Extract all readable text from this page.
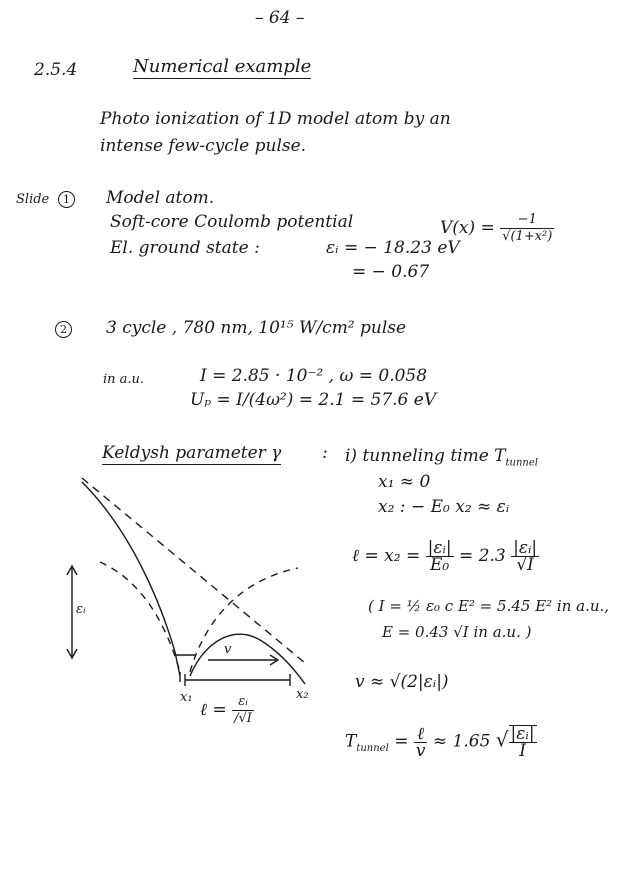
– 64 –
2.5.4	Numerical example
Photo ionization of 1D model atom by an
intense few-cycle pulse.
Slide	1 Model atom.
Soft-core Coulomb potential	$V(x) = \frac{-1}{\text{√(1+x²)}}$
El. ground state :	εᵢ = − 18.23 eV
= − 0.67
2 3 cycle , 780 nm, 10¹⁵ W/cm² pulse
in a.u.	I = 2.85 · 10⁻² , ω = 0.058
Uₚ = I/(4ω²) = 2.1 = 57.6 eV
Keldysh parameter γ : i) tunneling time $T_{tunnel}$
x₁ ≈ 0
x₂ : − E₀ x₂ ≈ εᵢ
ℓ = $x_2 = \frac{\text{|εᵢ|}}{\text{E₀}} = 2.3 \frac{\text{|εᵢ|}}{√I}$
( I = ½ ε₀ c E² = 5.45 E² in a.u.,
E = 0.43 √I in a.u. )
v ≈ √(2|εᵢ|)
$T_{tunnel} = \frac{\text{ℓ}}{v} \approx 1.65$ √ $\frac{\text{|εᵢ|}}{I}$
εᵢ
v
x₁	x₂
ℓ = $\frac{\text{εᵢ}}{/√I}$
